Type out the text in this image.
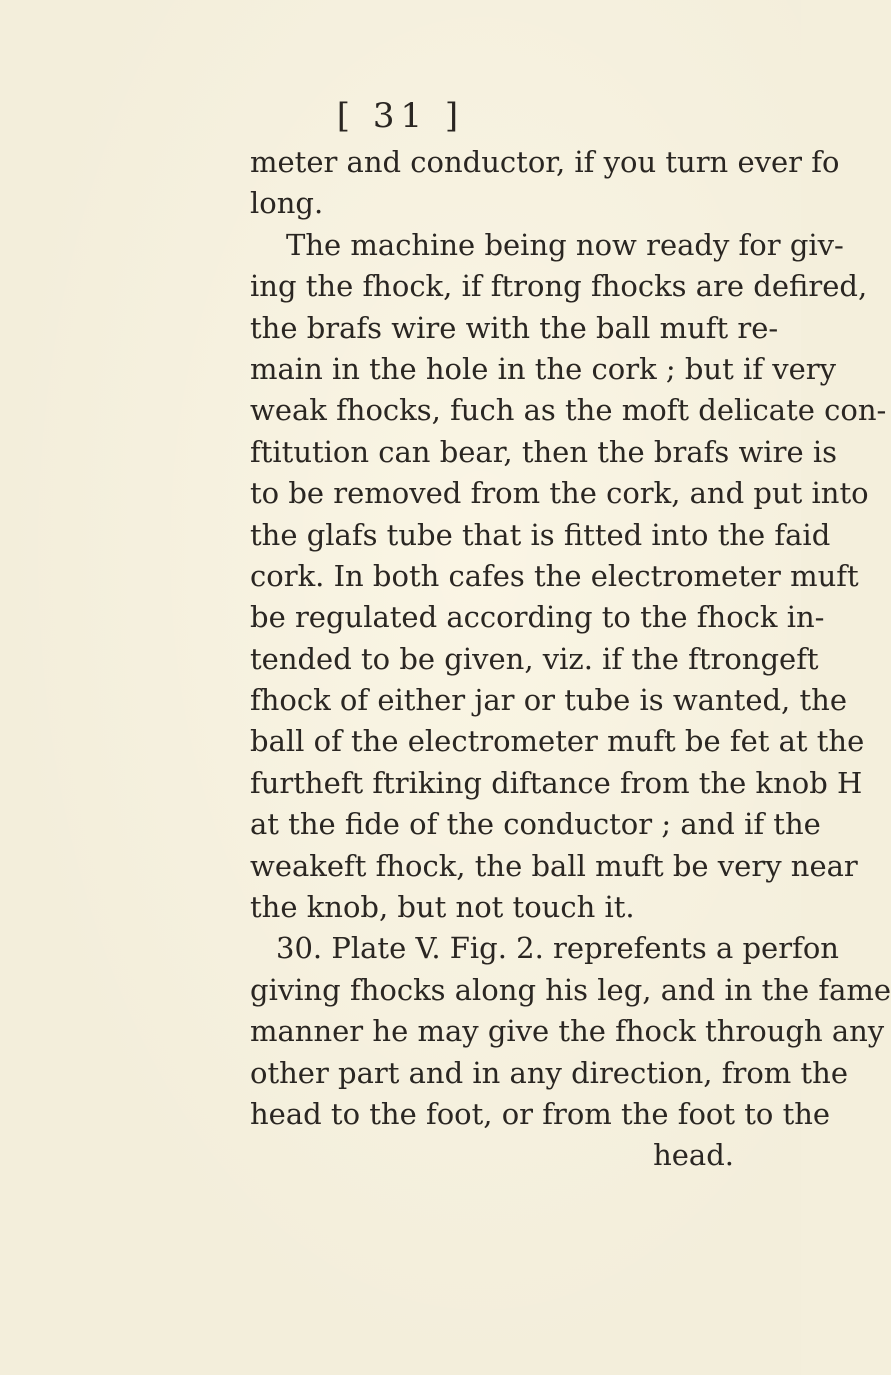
[ 31 ]
meter and conductor, if you turn ever fo
long.
The machine being now ready for giv-
ing the fhock, if ftrong fhocks are defired,
the brafs wire with the ball muft re-
main in the hole in the cork ; but if very
weak fhocks, fuch as the moft delicate con-
ftitution can bear, then the brafs wire is
to be removed from the cork, and put into
the glafs tube that is fitted into the faid
cork. In both cafes the electrometer muft
be regulated according to the fhock in-
tended to be given, viz. if the ftrongeft
fhock of either jar or tube is wanted, the
ball of the electrometer muft be fet at the
furtheft ftriking diftance from the knob H
at the fide of the conductor ; and if the
weakeft fhock, the ball muft be very near
the knob, but not touch it.
30. Plate V. Fig. 2. reprefents a perfon
giving fhocks along his leg, and in the fame
manner he may give the fhock through any
other part and in any direction, from the
head to the foot, or from the foot to the
head.
